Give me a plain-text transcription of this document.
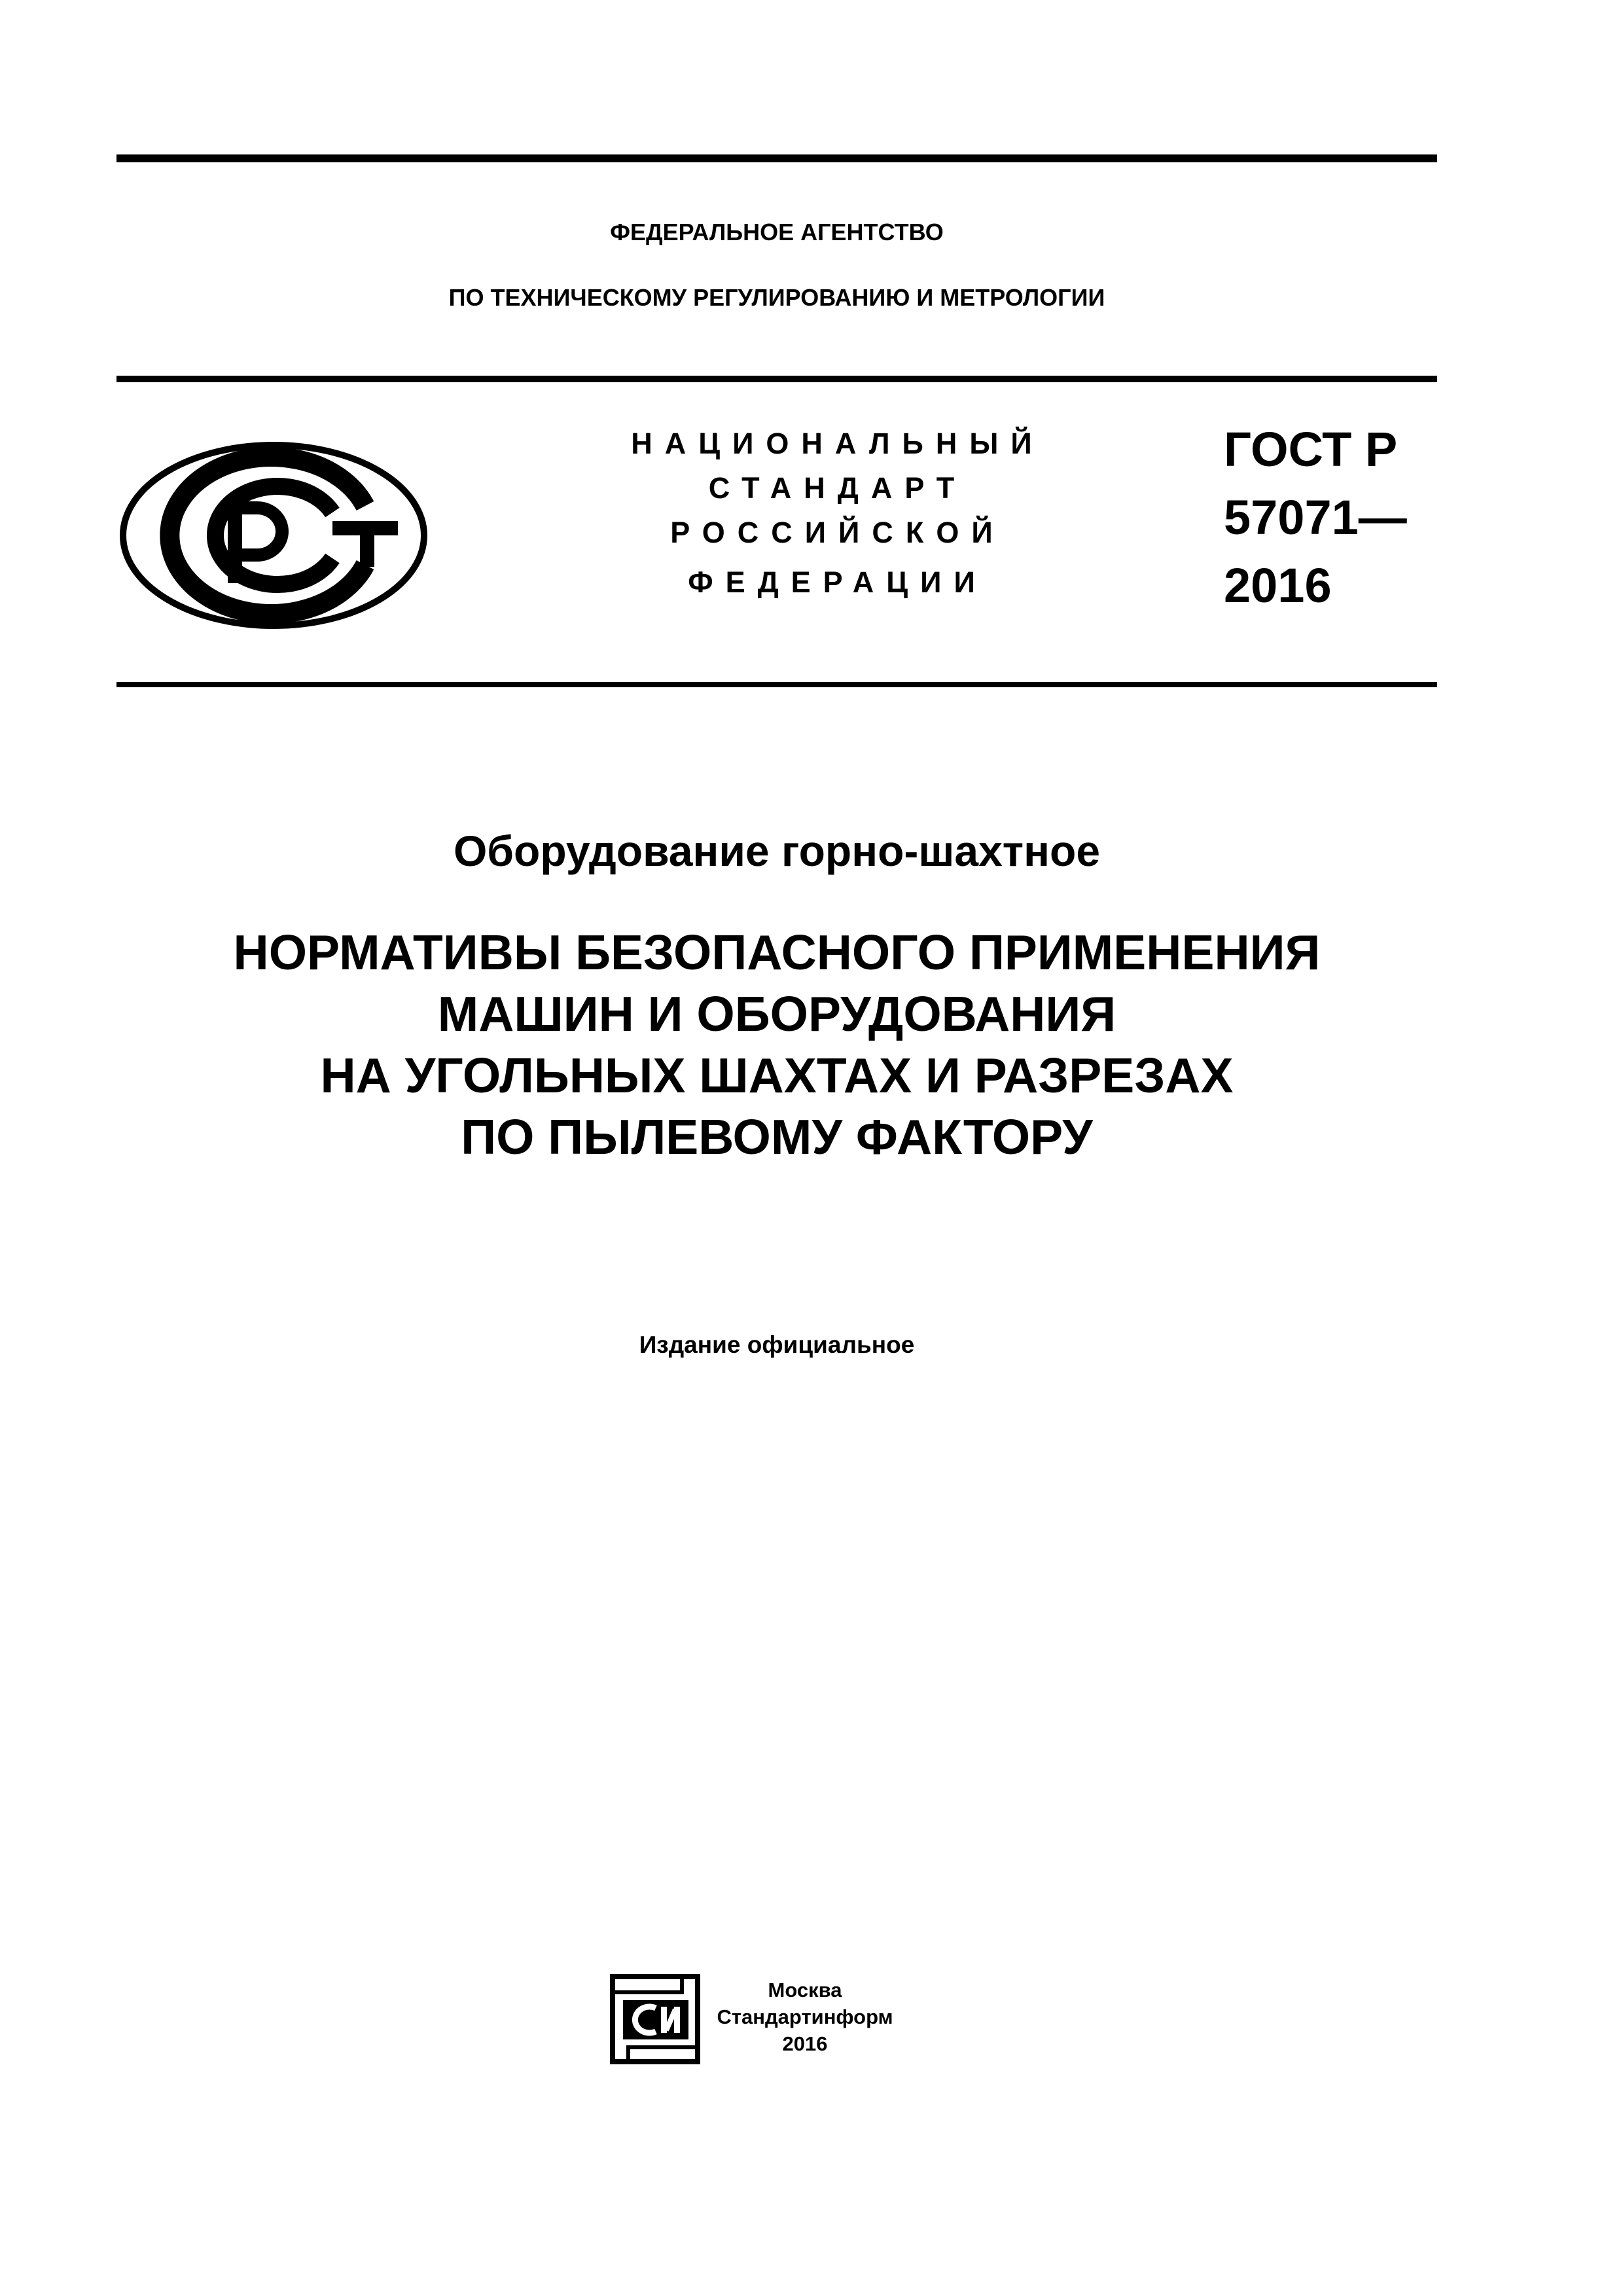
ФЕДЕРАЛЬНОЕ АГЕНТСТВО
ПО ТЕХНИЧЕСКОМУ РЕГУЛИРОВАНИЮ И МЕТРОЛОГИИ
НАЦИОНАЛЬНЫЙ
СТАНДАРТ
РОССИЙСКОЙ
ФЕДЕРАЦИИ
ГОСТ Р
57071—
2016
Оборудование горно-шахтное
НОРМАТИВЫ БЕЗОПАСНОГО ПРИМЕНЕНИЯ
МАШИН И ОБОРУДОВАНИЯ
НА УГОЛЬНЫХ ШАХТАХ И РАЗРЕЗАХ
ПО ПЫЛЕВОМУ ФАКТОРУ
Издание официальное
Москва
Стандартинформ
2016
